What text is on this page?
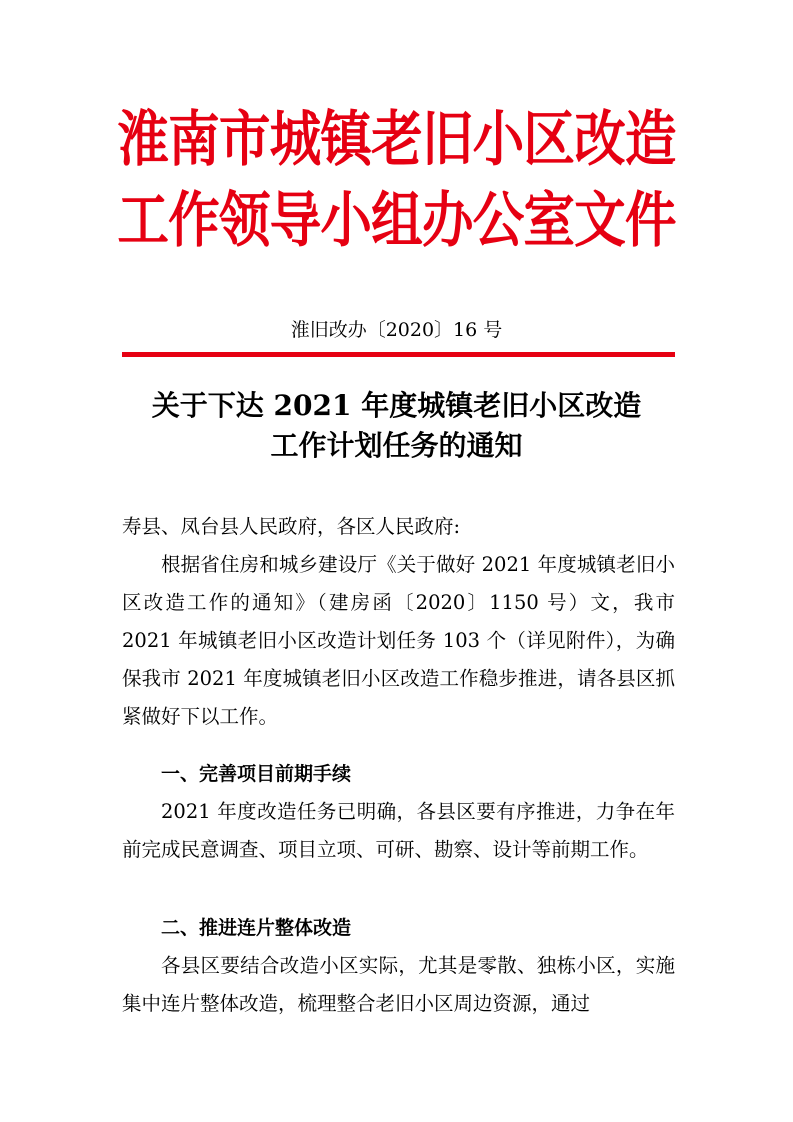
淮南市城镇老旧小区改造
工作领导小组办公室文件
淮旧改办〔2020〕16 号
关于下达 2021 年度城镇老旧小区改造
工作计划任务的通知

寿县、凤台县人民政府，各区人民政府:

根据省住房和城乡建设厅《关于做好 2021 年度城镇老旧小区改造工作的通知》（建房函〔2020〕1150 号）文，我市 2021 年城镇老旧小区改造计划任务 103 个（详见附件），为确保我市 2021 年度城镇老旧小区改造工作稳步推进，请各县区抓紧做好下以工作。

一、完善项目前期手续

2021 年度改造任务已明确，各县区要有序推进，力争在年前完成民意调查、项目立项、可研、勘察、设计等前期工作。

二、推进连片整体改造

各县区要结合改造小区实际，尤其是零散、独栋小区，实施集中连片整体改造，梳理整合老旧小区周边资源，通过
